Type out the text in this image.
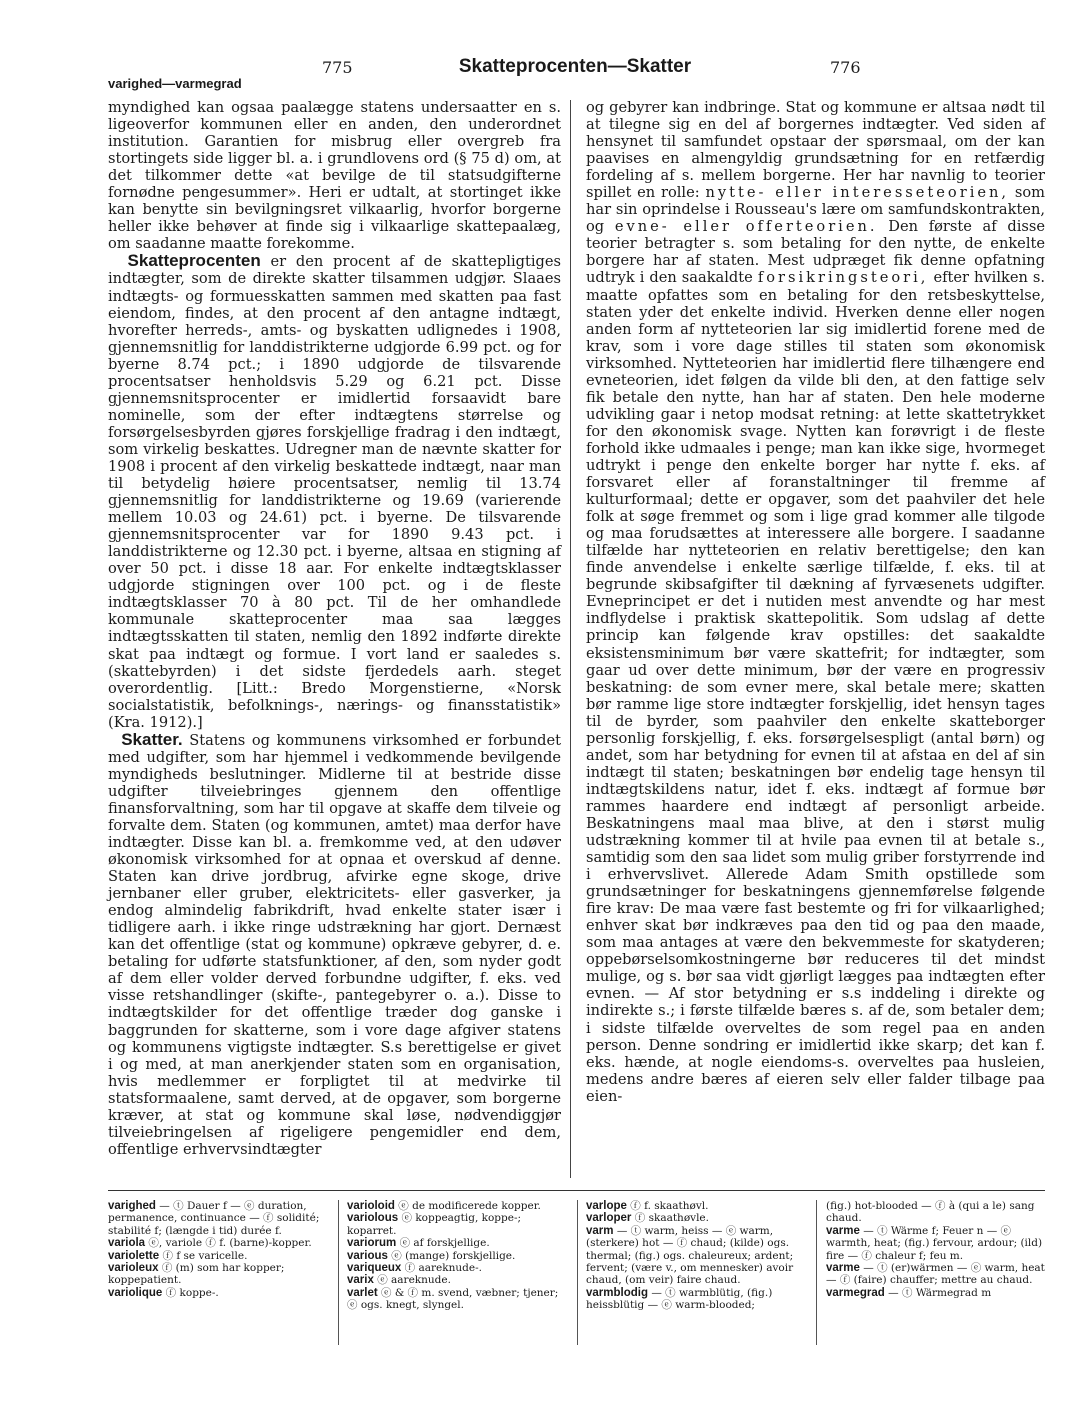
775	Skatteprocenten—Skatter	776
varighed—varmegrad

myndighed kan ogsaa paalægge statens undersaatter en s. ligeoverfor kommunen eller en anden, den underordnet institution. Garantien for misbrug eller overgreb fra stortingets side ligger bl. a. i grundlovens ord (§ 75 d) om, at det tilkommer dette «at bevilge de til statsudgifterne fornødne pengesummer». Heri er udtalt, at stortinget ikke kan benytte sin bevilgningsret vilkaarlig, hvorfor borgerne heller ikke behøver at finde sig i vilkaarlige skattepaalæg, om saadanne maatte forekomme.

Skatteprocenten er den procent af de skattepligtiges indtægter, som de direkte skatter tilsammen udgjør. Slaaes indtægts- og formuesskatten sammen med skatten paa fast eiendom, findes, at den procent af den antagne indtægt, hvorefter herreds-, amts- og byskatten udlignedes i 1908, gjennemsnitlig for landdistrikterne udgjorde 6.99 pct. og for byerne 8.74 pct.; i 1890 udgjorde de tilsvarende procentsatser henholdsvis 5.29 og 6.21 pct. Disse gjennemsnitsprocenter er imidlertid forsaavidt bare nominelle, som der efter indtægtens størrelse og forsørgelsesbyrden gjøres forskjellige fradrag i den indtægt, som virkelig beskattes. Udregner man de nævnte skatter for 1908 i procent af den virkelig beskattede indtægt, naar man til betydelig høiere procentsatser, nemlig til 13.74 gjennemsnitlig for landdistrikterne og 19.69 (varierende mellem 10.03 og 24.61) pct. i byerne. De tilsvarende gjennemsnitsprocenter var for 1890 9.43 pct. i landdistrikterne og 12.30 pct. i byerne, altsaa en stigning af over 50 pct. i disse 18 aar. For enkelte indtægtsklasser udgjorde stigningen over 100 pct. og i de fleste indtægtsklasser 70 à 80 pct. Til de her omhandlede kommunale skatteprocenter maa saa lægges indtægtsskatten til staten, nemlig den 1892 indførte direkte skat paa indtægt og formue. I vort land er saaledes s. (skattebyrden) i det sidste fjerdedels aarh. steget overordentlig. [Litt.: Bredo Morgenstierne, «Norsk socialstatistik, befolknings-, nærings- og finansstatistik» (Kra. 1912).]

Skatter. Statens og kommunens virksomhed er forbundet med udgifter, som har hjemmel i vedkommende bevilgende myndigheds beslutninger. Midlerne til at bestride disse udgifter tilveiebringes gjennem den offentlige finansforvaltning, som har til opgave at skaffe dem tilveie og forvalte dem. Staten (og kommunen, amtet) maa derfor have indtægter. Disse kan bl. a. fremkomme ved, at den udøver økonomisk virksomhed for at opnaa et overskud af denne. Staten kan drive jordbrug, afvirke egne skoge, drive jernbaner eller gruber, elektricitets- eller gasverker, ja endog almindelig fabrikdrift, hvad enkelte stater især i tidligere aarh. i ikke ringe udstrækning har gjort. Dernæst kan det offentlige (stat og kommune) opkræve gebyrer, d. e. betaling for udførte statsfunktioner, af den, som nyder godt af dem eller volder derved forbundne udgifter, f. eks. ved visse retshandlinger (skifte-, pantegebyrer o. a.). Disse to indtægtskilder for det offentlige træder dog ganske i baggrunden for skatterne, som i vore dage afgiver statens og kommunens vigtigste indtægter. S.s berettigelse er givet i og med, at man anerkjender staten som en organisation, hvis medlemmer er forpligtet til at medvirke til statsformaalene, samt derved, at de opgaver, som borgerne kræver, at stat og kommune skal løse, nødvendiggjør tilveiebringelsen af rigeligere pengemidler end dem, offentlige erhvervsindtægter

og gebyrer kan indbringe. Stat og kommune er altsaa nødt til at tilegne sig en del af borgernes indtægter. Ved siden af hensynet til samfundet opstaar der spørsmaal, om der kan paavises en almengyldig grundsætning for en retfærdig fordeling af s. mellem borgerne. Her har navnlig to teorier spillet en rolle: nytte- eller interesseteorien, som har sin oprindelse i Rousseau's lære om samfundskontrakten, og evne- eller offerteorien. Den første af disse teorier betragter s. som betaling for den nytte, de enkelte borgere har af staten. Mest udpræget fik denne opfatning udtryk i den saakaldte forsikringsteori, efter hvilken s. maatte opfattes som en betaling for den retsbeskyttelse, staten yder det enkelte individ. Hverken denne eller nogen anden form af nytteteorien lar sig imidlertid forene med de krav, som i vore dage stilles til staten som økonomisk virksomhed. Nytteteorien har imidlertid flere tilhængere end evneteorien, idet følgen da vilde bli den, at den fattige selv fik betale den nytte, han har af staten. Den hele moderne udvikling gaar i netop modsat retning: at lette skattetrykket for den økonomisk svage. Nytten kan forøvrigt i de fleste forhold ikke udmaales i penge; man kan ikke sige, hvormeget udtrykt i penge den enkelte borger har nytte f. eks. af forsvaret eller af foranstaltninger til fremme af kulturformaal; dette er opgaver, som det paahviler det hele folk at søge fremmet og som i lige grad kommer alle tilgode og maa forudsættes at interessere alle borgere. I saadanne tilfælde har nytteteorien en relativ berettigelse; den kan finde anvendelse i enkelte særlige tilfælde, f. eks. til at begrunde skibsafgifter til dækning af fyrvæsenets udgifter. Evneprincipet er det i nutiden mest anvendte og har mest indflydelse i praktisk skattepolitik. Som udslag af dette princip kan følgende krav opstilles: det saakaldte eksistensminimum bør være skattefrit; for indtægter, som gaar ud over dette minimum, bør der være en progressiv beskatning: de som evner mere, skal betale mere; skatten bør ramme lige store indtægter forskjellig, idet hensyn tages til de byrder, som paahviler den enkelte skatteborger personlig forskjellig, f. eks. forsørgelsespligt (antal børn) og andet, som har betydning for evnen til at afstaa en del af sin indtægt til staten; beskatningen bør endelig tage hensyn til indtægtskildens natur, idet f. eks. indtægt af formue bør rammes haardere end indtægt af personligt arbeide. Beskatningens maal maa blive, at den i størst mulig udstrækning kommer til at hvile paa evnen til at betale s., samtidig som den saa lidet som mulig griber forstyrrende ind i erhvervslivet. Allerede Adam Smith opstillede som grundsætninger for beskatningens gjennemførelse følgende fire krav: De maa være fast bestemte og fri for vilkaarlighed; enhver skat bør indkræves paa den tid og paa den maade, som maa antages at være den bekvemmeste for skatyderen; oppebørselsomkostningerne bør reduceres til det mindst mulige, og s. bør saa vidt gjørligt lægges paa indtægten efter evnen. — Af stor betydning er s.s inddeling i direkte og indirekte s.; i første tilfælde bæres s. af de, som betaler dem; i sidste tilfælde overveltes de som regel paa en anden person. Denne sondring er imidlertid ikke skarp; det kan f. eks. hænde, at nogle eiendoms-s. overveltes paa husleien, medens andre bæres af eieren selv eller falder tilbage paa eien-

varighed — ⓣ Dauer f — ⓔ duration, permanence, continuance — ⓕ solidité; stabilité f; (længde i tid) durée f.

variola ⓔ, variole ⓕ f. (barne)-kopper.

variolette ⓕ f se varicelle.

varioleux ⓕ (m) som har kopper; koppepatient.

variolique ⓕ koppe-.

varioloid ⓔ de modificerede kopper.

variolous ⓔ koppeagtig, koppe-; koparret.

variorum ⓔ af forskjellige.

various ⓔ (mange) forskjellige.

variqueux ⓕ aareknude-.

varix ⓔ aareknude.

varlet ⓔ & ⓕ m. svend, væbner; tjener; ⓔ ogs. knegt, slyngel.

varlope ⓕ f. skaathøvl.

varloper ⓕ skaathøvle.

varm — ⓣ warm, heiss — ⓔ warm, (sterkere) hot — ⓕ chaud; (kilde) ogs. thermal; (fig.) ogs. chaleureux; ardent; fervent; (være v., om mennesker) avoir chaud, (om veir) faire chaud.

varmblodig — ⓣ warmblütig, (fig.) heissblütig — ⓔ warm-blooded;

(fig.) hot-blooded — ⓕ à (qui a le) sang chaud.

varme — ⓣ Wärme f; Feuer n — ⓔ warmth, heat; (fig.) fervour, ardour; (ild) fire — ⓕ chaleur f; feu m.

varme — ⓣ (er)wärmen — ⓔ warm, heat — ⓕ (faire) chauffer; mettre au chaud.

varmegrad — ⓣ Wärmegrad m
